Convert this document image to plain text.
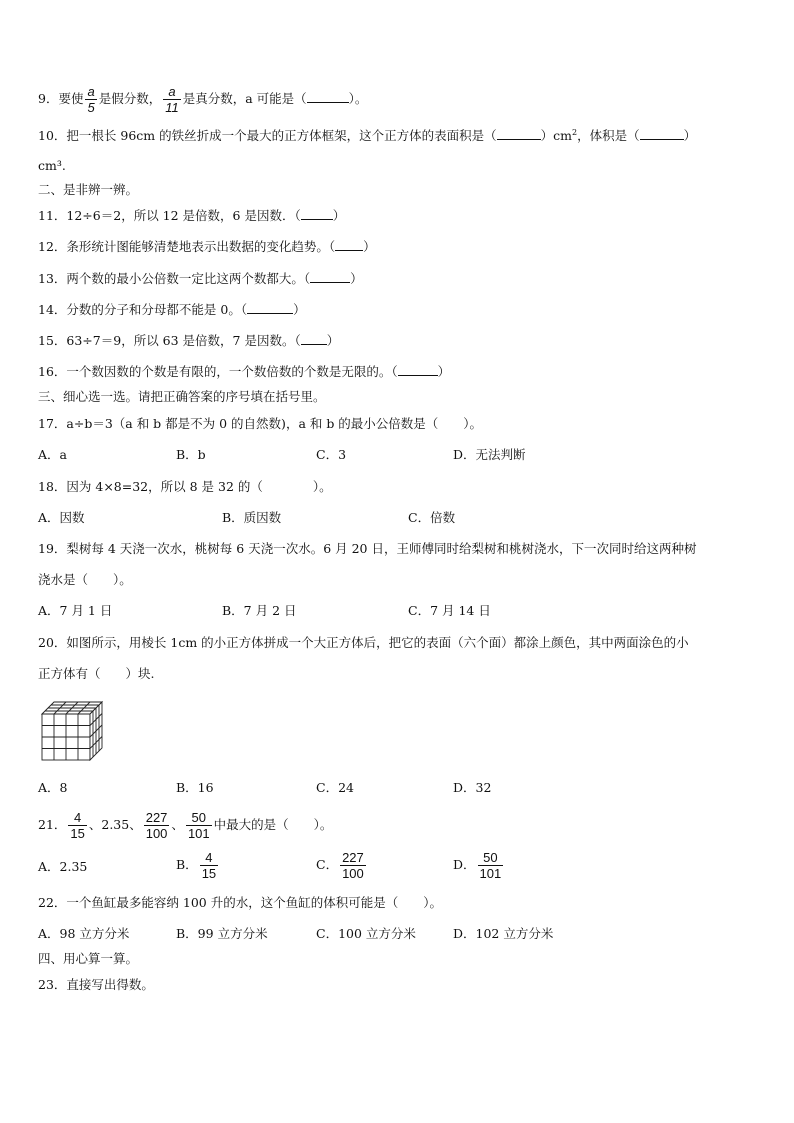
9．要使 $\frac{a}{5}$ 是假分数， $\frac{a}{11}$ 是真分数，a 可能是（	）。
10．把一根长 96cm 的铁丝折成一个最大的正方体框架，这个正方体的表面积是（	）$cm^2$，体积是（	）
cm³.
二、是非辨一辨。
11．12÷6＝2，所以 12 是倍数，6 是因数．（	）
12．条形统计图能够清楚地表示出数据的变化趋势。（ ）
13．两个数的最小公倍数一定比这两个数都大。（	）
14．分数的分子和分母都不能是 0。（	）
15．63÷7＝9，所以 63 是倍数，7 是因数。（ ）
16．一个数因数的个数是有限的，一个数倍数的个数是无限的。（	）
三、细心选一选。请把正确答案的序号填在括号里。
17．a÷b＝3（a 和 b 都是不为 0 的自然数)，a 和 b 的最小公倍数是（　　）。
A．a	B．b	C．3	D．无法判断
18．因为 4×8=32，所以 8 是 32 的（　　　　）。
A．因数	B．质因数	C．倍数
19．梨树每 4 天浇一次水，桃树每 6 天浇一次水。6 月 20 日，王师傅同时给梨树和桃树浇水，下一次同时给这两种树
浇水是（　　）。
A．7 月 1 日	B．7 月 2 日	C．7 月 14 日
20．如图所示，用棱长 1cm 的小正方体拼成一个大正方体后，把它的表面（六个面）都涂上颜色，其中两面涂色的小
正方体有（　　）块.
A．8	B．16	C．24	D．32
21． $\frac{4}{15}$ 、2.35、 $\frac{227}{100}$ 、 $\frac{50}{101}$ 中最大的是（　　）。
A．2.35	B． $\frac{4}{15}$	C． $\frac{227}{100}$	D． $\frac{50}{101}$
22．一个鱼缸最多能容纳 100 升的水，这个鱼缸的体积可能是（　　）。
A．98 立方分米	B．99 立方分米	C．100 立方分米	D．102 立方分米
四、用心算一算。
23．直接写出得数。
